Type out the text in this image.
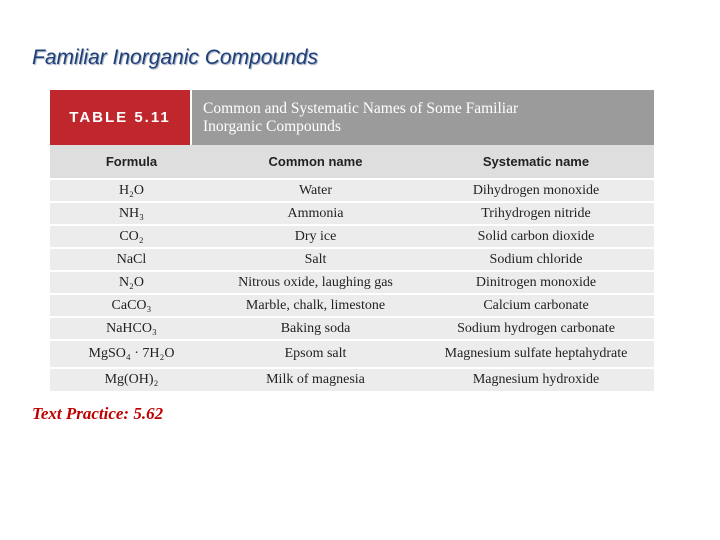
Familiar Inorganic Compounds
TABLE 5.11
Common and Systematic Names of Some Familiar
Inorganic Compounds
Formula	Common name	Systematic name
H₂O	Water	Dihydrogen monoxide
NH₃	Ammonia	Trihydrogen nitride
CO₂	Dry ice	Solid carbon dioxide
NaCl	Salt	Sodium chloride
N₂O	Nitrous oxide, laughing gas	Dinitrogen monoxide
CaCO₃	Marble, chalk, limestone	Calcium carbonate
NaHCO₃	Baking soda	Sodium hydrogen carbonate
MgSO₄ · 7H₂O	Epsom salt	Magnesium sulfate heptahydrate
Mg(OH)₂	Milk of magnesia	Magnesium hydroxide
Text Practice: 5.62
